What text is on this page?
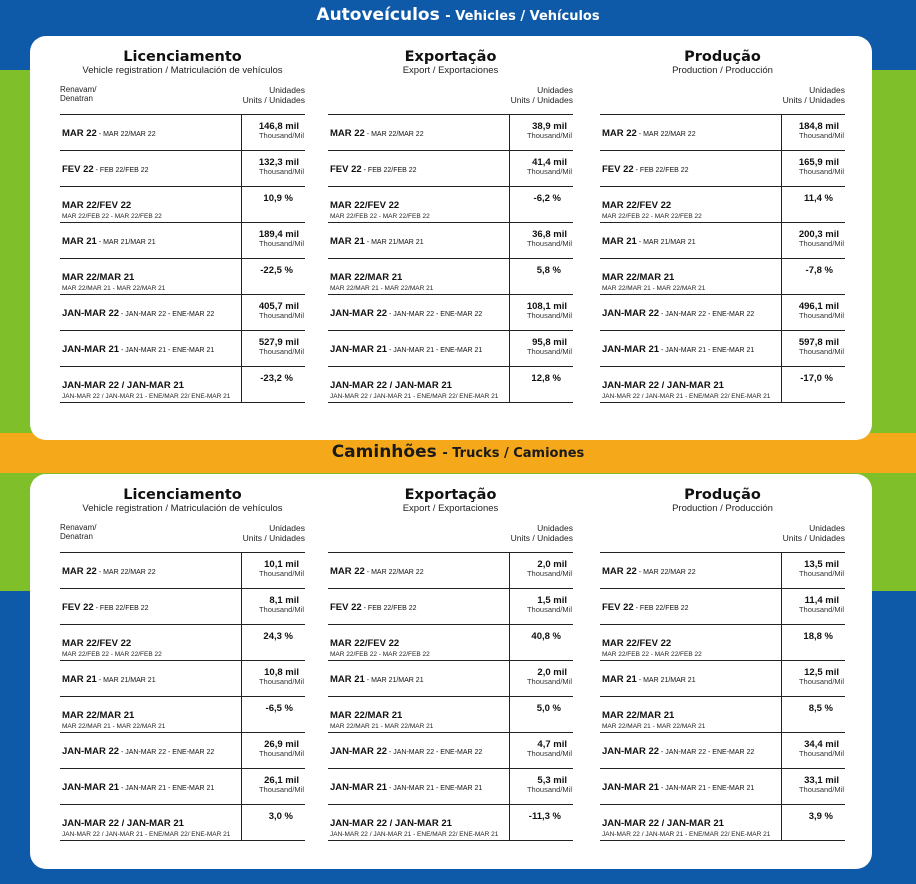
Autoveículos - Vehicles / Vehículos
Caminhões - Trucks / Camiones
Licenciamento
Vehicle registration / Matriculación de vehículos
Renavam/
Denatran
Unidades
Units / Unidades
MAR 22 - MAR 22/MAR 22
146,8 mil
Thousand/Mil
FEV 22 - FEB 22/FEB 22
132,3 mil
Thousand/Mil
MAR 22/FEV 22
MAR 22/FEB 22 - MAR 22/FEB 22
10,9 %
MAR 21 - MAR 21/MAR 21
189,4 mil
Thousand/Mil
MAR 22/MAR 21
MAR 22/MAR 21 - MAR 22/MAR 21
-22,5 %
JAN-MAR 22 - JAN-MAR 22 - ENE-MAR 22
405,7 mil
Thousand/Mil
JAN-MAR 21 - JAN-MAR 21 - ENE-MAR 21
527,9 mil
Thousand/Mil
JAN-MAR 22 / JAN-MAR 21
JAN-MAR 22 / JAN-MAR 21 - ENE/MAR 22/ ENE-MAR 21
-23,2 %
Exportação
Export / Exportaciones
Unidades
Units / Unidades
MAR 22 - MAR 22/MAR 22
38,9 mil
Thousand/Mil
FEV 22 - FEB 22/FEB 22
41,4 mil
Thousand/Mil
MAR 22/FEV 22
MAR 22/FEB 22 - MAR 22/FEB 22
-6,2 %
MAR 21 - MAR 21/MAR 21
36,8 mil
Thousand/Mil
MAR 22/MAR 21
MAR 22/MAR 21 - MAR 22/MAR 21
5,8 %
JAN-MAR 22 - JAN-MAR 22 - ENE-MAR 22
108,1 mil
Thousand/Mil
JAN-MAR 21 - JAN-MAR 21 - ENE-MAR 21
95,8 mil
Thousand/Mil
JAN-MAR 22 / JAN-MAR 21
JAN-MAR 22 / JAN-MAR 21 - ENE/MAR 22/ ENE-MAR 21
12,8 %
Produção
Production / Producción
Unidades
Units / Unidades
MAR 22 - MAR 22/MAR 22
184,8 mil
Thousand/Mil
FEV 22 - FEB 22/FEB 22
165,9 mil
Thousand/Mil
MAR 22/FEV 22
MAR 22/FEB 22 - MAR 22/FEB 22
11,4 %
MAR 21 - MAR 21/MAR 21
200,3 mil
Thousand/Mil
MAR 22/MAR 21
MAR 22/MAR 21 - MAR 22/MAR 21
-7,8 %
JAN-MAR 22 - JAN-MAR 22 - ENE-MAR 22
496,1 mil
Thousand/Mil
JAN-MAR 21 - JAN-MAR 21 - ENE-MAR 21
597,8 mil
Thousand/Mil
JAN-MAR 22 / JAN-MAR 21
JAN-MAR 22 / JAN-MAR 21 - ENE/MAR 22/ ENE-MAR 21
-17,0 %
Licenciamento
Vehicle registration / Matriculación de vehículos
Renavam/
Denatran
Unidades
Units / Unidades
MAR 22 - MAR 22/MAR 22
10,1 mil
Thousand/Mil
FEV 22 - FEB 22/FEB 22
8,1 mil
Thousand/Mil
MAR 22/FEV 22
MAR 22/FEB 22 - MAR 22/FEB 22
24,3 %
MAR 21 - MAR 21/MAR 21
10,8 mil
Thousand/Mil
MAR 22/MAR 21
MAR 22/MAR 21 - MAR 22/MAR 21
-6,5 %
JAN-MAR 22 - JAN-MAR 22 - ENE-MAR 22
26,9 mil
Thousand/Mil
JAN-MAR 21 - JAN-MAR 21 - ENE-MAR 21
26,1 mil
Thousand/Mil
JAN-MAR 22 / JAN-MAR 21
JAN-MAR 22 / JAN-MAR 21 - ENE/MAR 22/ ENE-MAR 21
3,0 %
Exportação
Export / Exportaciones
Unidades
Units / Unidades
MAR 22 - MAR 22/MAR 22
2,0 mil
Thousand/Mil
FEV 22 - FEB 22/FEB 22
1,5 mil
Thousand/Mil
MAR 22/FEV 22
MAR 22/FEB 22 - MAR 22/FEB 22
40,8 %
MAR 21 - MAR 21/MAR 21
2,0 mil
Thousand/Mil
MAR 22/MAR 21
MAR 22/MAR 21 - MAR 22/MAR 21
5,0 %
JAN-MAR 22 - JAN-MAR 22 - ENE-MAR 22
4,7 mil
Thousand/Mil
JAN-MAR 21 - JAN-MAR 21 - ENE-MAR 21
5,3 mil
Thousand/Mil
JAN-MAR 22 / JAN-MAR 21
JAN-MAR 22 / JAN-MAR 21 - ENE/MAR 22/ ENE-MAR 21
-11,3 %
Produção
Production / Producción
Unidades
Units / Unidades
MAR 22 - MAR 22/MAR 22
13,5 mil
Thousand/Mil
FEV 22 - FEB 22/FEB 22
11,4 mil
Thousand/Mil
MAR 22/FEV 22
MAR 22/FEB 22 - MAR 22/FEB 22
18,8 %
MAR 21 - MAR 21/MAR 21
12,5 mil
Thousand/Mil
MAR 22/MAR 21
MAR 22/MAR 21 - MAR 22/MAR 21
8,5 %
JAN-MAR 22 - JAN-MAR 22 - ENE-MAR 22
34,4 mil
Thousand/Mil
JAN-MAR 21 - JAN-MAR 21 - ENE-MAR 21
33,1 mil
Thousand/Mil
JAN-MAR 22 / JAN-MAR 21
JAN-MAR 22 / JAN-MAR 21 - ENE/MAR 22/ ENE-MAR 21
3,9 %
